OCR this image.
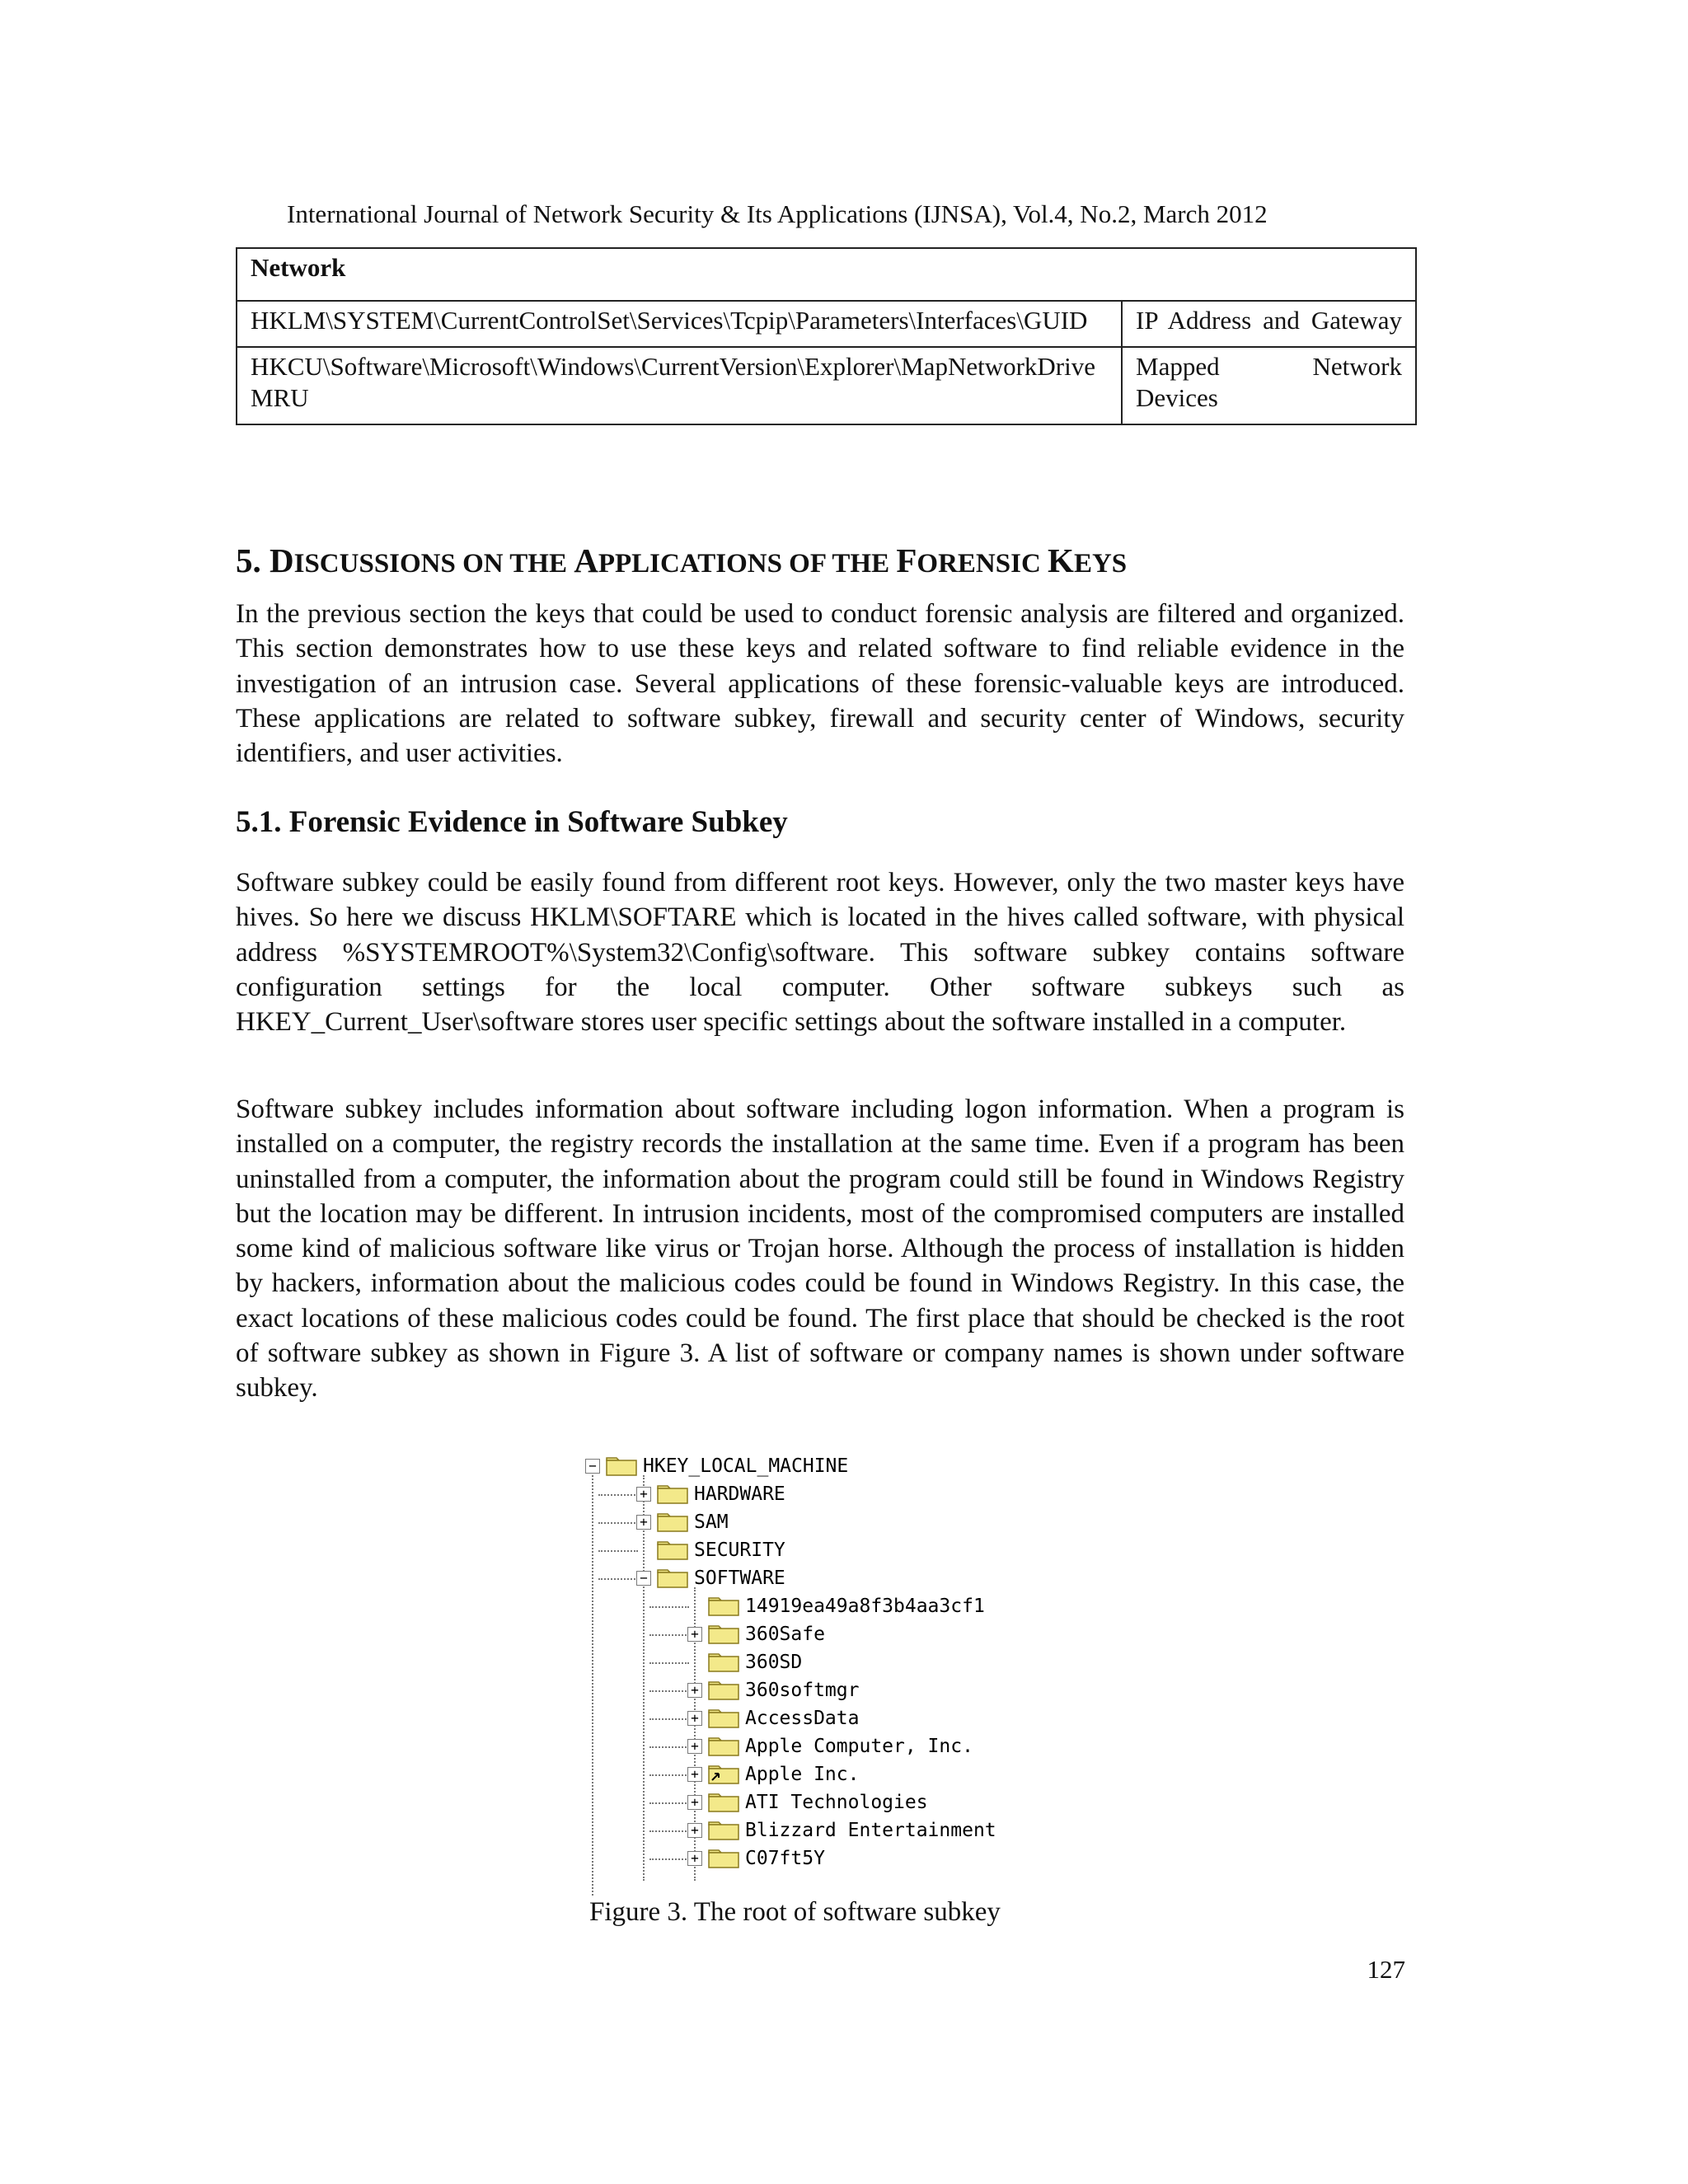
International Journal of Network Security & Its Applications (IJNSA), Vol.4, No.2, March 2012
Network	
HKLM\SYSTEM\CurrentControlSet\Services\Tcpip\Parameters\Interfaces\GUID	IP Address and Gateway
HKCU\Software\Microsoft\Windows\CurrentVersion\Explorer\MapNetworkDriveMRU	Mapped Network Devices
5. DISCUSSIONS ON THE APPLICATIONS OF THE FORENSIC KEYS

In the previous section the keys that could be used to conduct forensic analysis are filtered and organized. This section demonstrates how to use these keys and related software to find reliable evidence in the investigation of an intrusion case. Several applications of these forensic-valuable keys are introduced. These applications are related to software subkey, firewall and security center of Windows, security identifiers, and user activities.

5.1. Forensic Evidence in Software Subkey

Software subkey could be easily found from different root keys. However, only the two master keys have hives. So here we discuss HKLM\SOFTARE which is located in the hives called software, with physical address %SYSTEMROOT%\System32\Config\software. This software subkey contains software configuration settings for the local computer. Other software subkeys such as HKEY_Current_User\software stores user specific settings about the software installed in a computer.

Software subkey includes information about software including logon information. When a program is installed on a computer, the registry records the installation at the same time. Even if a program has been uninstalled from a computer, the information about the program could still be found in Windows Registry but the location may be different. In intrusion incidents, most of the compromised computers are installed some kind of malicious software like virus or Trojan horse. Although the process of installation is hidden by hackers, information about the malicious codes could be found in Windows Registry. In this case, the exact locations of these malicious codes could be found. The first place that should be checked is the root of software subkey as shown in Figure 3. A list of software or company names is shown under software subkey.

− HKEY_LOCAL_MACHINE
+ HARDWARE
+ SAM
SECURITY
− SOFTWARE
14919ea49a8f3b4aa3cf1
+ 360Safe
360SD
+ 360softmgr
+ AccessData
+ Apple Computer, Inc.
+ Apple Inc.
+ ATI Technologies
+ Blizzard Entertainment
+ C07ft5Y
Figure 3. The root of software subkey
127
